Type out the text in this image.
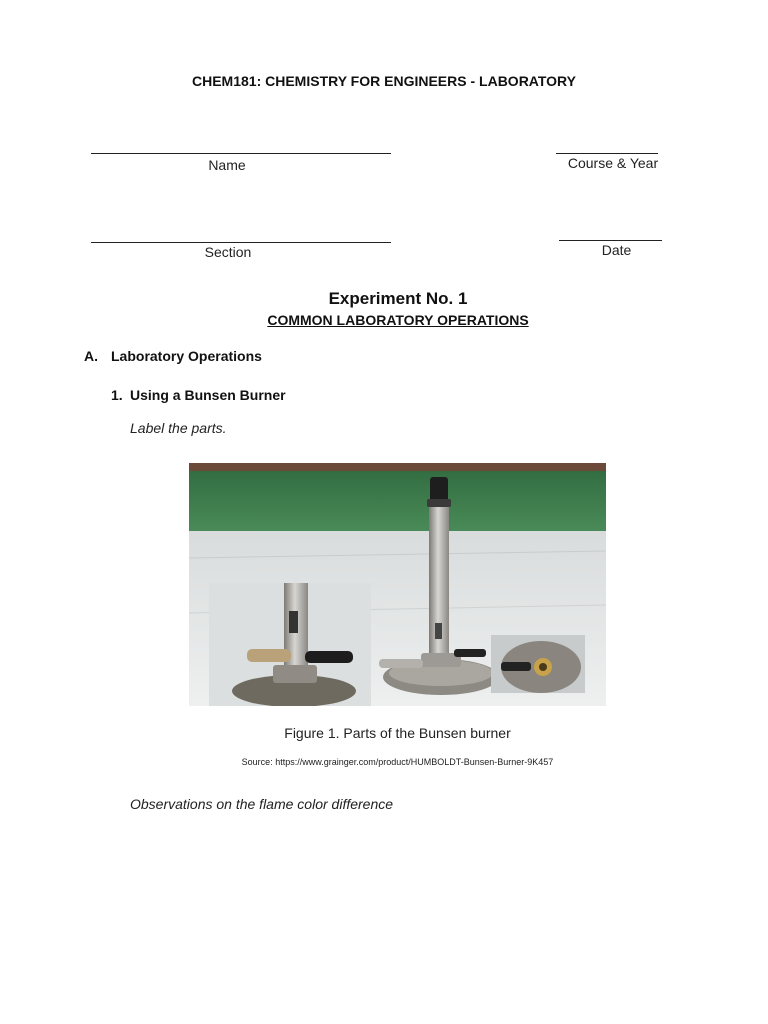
CHEM181: CHEMISTRY FOR ENGINEERS - LABORATORY
Name	Course & Year
Section	Date
Experiment No. 1
COMMON LABORATORY OPERATIONS
A. Laboratory Operations
1. Using a Bunsen Burner
Label the parts.
Figure 1. Parts of the Bunsen burner
Source: https://www.grainger.com/product/HUMBOLDT-Bunsen-Burner-9K457
Observations on the flame color difference
